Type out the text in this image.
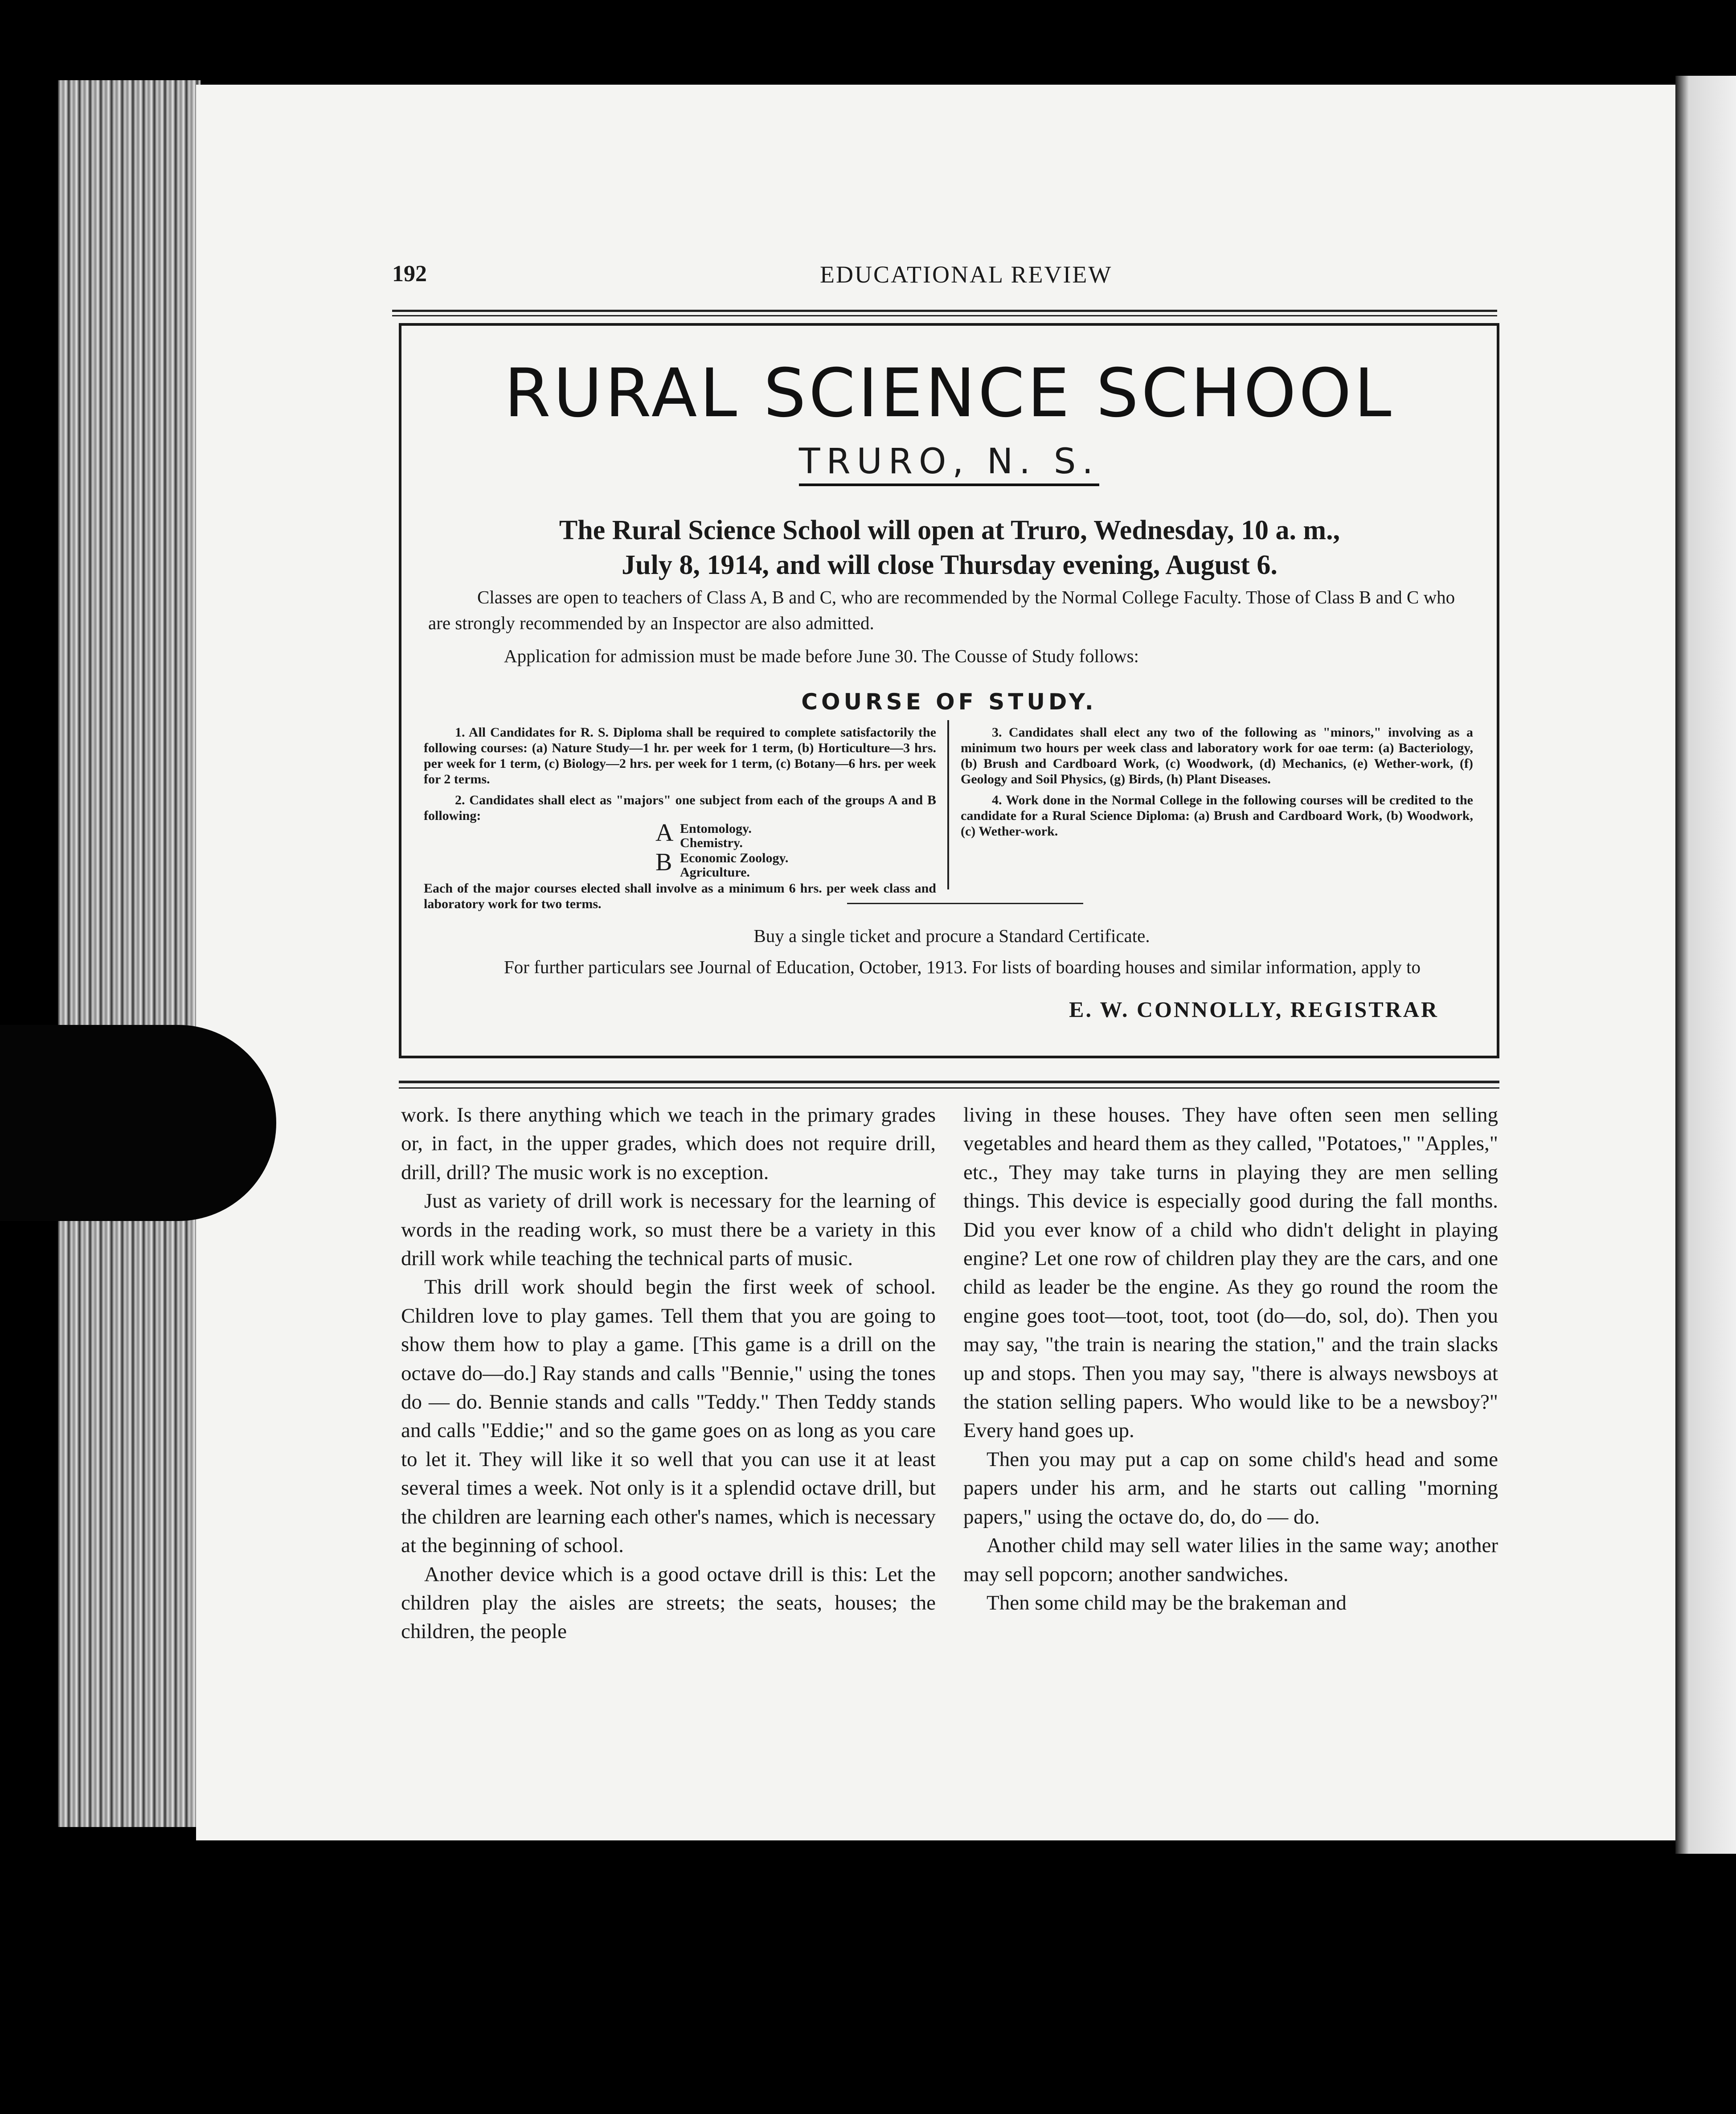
192	EDUCATIONAL REVIEW
RURAL SCIENCE SCHOOL
TRURO, N. S.
The Rural Science School will open at Truro, Wednesday, 10 a. m.,
July 8, 1914, and will close Thursday evening, August 6.
Classes are open to teachers of Class A, B and C, who are recommended by the Normal College Faculty. Those of Class B and C who are strongly recommended by an Inspector are also admitted.
Application for admission must be made before June 30. The Cousse of Study follows:
COURSE OF STUDY.

1. All Candidates for R. S. Diploma shall be required to complete satisfactorily the following courses: (a) Nature Study—1 hr. per week for 1 term, (b) Horticulture—3 hrs. per week for 1 term, (c) Biology—2 hrs. per week for 1 term, (c) Botany—6 hrs. per week for 2 terms.

2. Candidates shall elect as "majors" one subject from each of the groups A and B following:

A Entomology.
Chemistry.
B Economic Zoology.
Agriculture.

Each of the major courses elected shall involve as a minimum 6 hrs. per week class and laboratory work for two terms.

3. Candidates shall elect any two of the following as "minors," involving as a minimum two hours per week class and laboratory work for oae term: (a) Bacteriology, (b) Brush and Cardboard Work, (c) Woodwork, (d) Mechanics, (e) Wether-work, (f) Geology and Soil Physics, (g) Birds, (h) Plant Diseases.

4. Work done in the Normal College in the following courses will be credited to the candidate for a Rural Science Diploma: (a) Brush and Cardboard Work, (b) Woodwork, (c) Wether-work.

Buy a single ticket and procure a Standard Certificate.
For further particulars see Journal of Education, October, 1913. For lists of boarding houses and similar information, apply to
E. W. CONNOLLY, REGISTRAR

work. Is there anything which we teach in the primary grades or, in fact, in the upper grades, which does not require drill, drill, drill? The music work is no exception.

Just as variety of drill work is necessary for the learning of words in the reading work, so must there be a variety in this drill work while teaching the technical parts of music.

This drill work should begin the first week of school. Children love to play games. Tell them that you are going to show them how to play a game. [This game is a drill on the octave do—do.] Ray stands and calls "Bennie," using the tones do — do. Bennie stands and calls "Teddy." Then Teddy stands and calls "Eddie;" and so the game goes on as long as you care to let it. They will like it so well that you can use it at least several times a week. Not only is it a splendid octave drill, but the children are learning each other's names, which is necessary at the beginning of school.

Another device which is a good octave drill is this: Let the children play the aisles are streets; the seats, houses; the children, the people

living in these houses. They have often seen men selling vegetables and heard them as they called, "Potatoes," "Apples," etc., They may take turns in playing they are men selling things. This device is especially good during the fall months. Did you ever know of a child who didn't delight in playing engine? Let one row of children play they are the cars, and one child as leader be the engine. As they go round the room the engine goes toot—toot, toot, toot (do—do, sol, do). Then you may say, "the train is nearing the station," and the train slacks up and stops. Then you may say, "there is always newsboys at the station selling papers. Who would like to be a newsboy?" Every hand goes up.

Then you may put a cap on some child's head and some papers under his arm, and he starts out calling "morning papers," using the octave do, do, do — do.

Another child may sell water lilies in the same way; another may sell popcorn; another sandwiches.

Then some child may be the brakeman and
